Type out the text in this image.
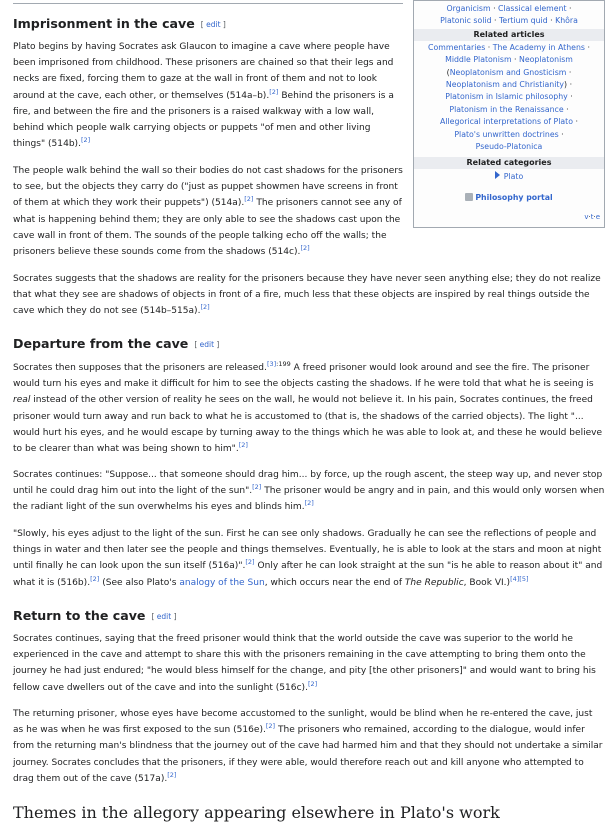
Organicism · Classical element ·
Platonic solid · Tertium quid · Khôra
Related articles
Commentaries · The Academy in Athens ·
Middle Platonism · Neoplatonism
(Neoplatonism and Gnosticism ·
Neoplatonism and Christianity) ·
Platonism in Islamic philosophy ·
Platonism in the Renaissance ·
Allegorical interpretations of Plato ·
Plato's unwritten doctrines ·
Pseudo-Platonica
Related categories
Plato
Philosophy portal
v·t·e
Imprisonment in the cave [ edit ]

Plato begins by having Socrates ask Glaucon to imagine a cave where people have been imprisoned from childhood. These prisoners are chained so that their legs and necks are fixed, forcing them to gaze at the wall in front of them and not to look around at the cave, each other, or themselves (514a–b).[2] Behind the prisoners is a fire, and between the fire and the prisoners is a raised walkway with a low wall, behind which people walk carrying objects or puppets "of men and other living things" (514b).[2]

The people walk behind the wall so their bodies do not cast shadows for the prisoners to see, but the objects they carry do ("just as puppet showmen have screens in front of them at which they work their puppets") (514a).[2] The prisoners cannot see any of what is happening behind them; they are only able to see the shadows cast upon the cave wall in front of them. The sounds of the people talking echo off the walls; the prisoners believe these sounds come from the shadows (514c).[2]

Socrates suggests that the shadows are reality for the prisoners because they have never seen anything else; they do not realize that what they see are shadows of objects in front of a fire, much less that these objects are inspired by real things outside the cave which they do not see (514b–515a).[2]

Departure from the cave [ edit ]

Socrates then supposes that the prisoners are released.$^{[3]:199}$ A freed prisoner would look around and see the fire. The prisoner would turn his eyes and make it difficult for him to see the objects casting the shadows. If he were told that what he is seeing is real instead of the other version of reality he sees on the wall, he would not believe it. In his pain, Socrates continues, the freed prisoner would turn away and run back to what he is accustomed to (that is, the shadows of the carried objects). The light "... would hurt his eyes, and he would escape by turning away to the things which he was able to look at, and these he would believe to be clearer than what was being shown to him".[2]

Socrates continues: "Suppose... that someone should drag him... by force, up the rough ascent, the steep way up, and never stop until he could drag him out into the light of the sun".[2] The prisoner would be angry and in pain, and this would only worsen when the radiant light of the sun overwhelms his eyes and blinds him.[2]

"Slowly, his eyes adjust to the light of the sun. First he can see only shadows. Gradually he can see the reflections of people and things in water and then later see the people and things themselves. Eventually, he is able to look at the stars and moon at night until finally he can look upon the sun itself (516a)".[2] Only after he can look straight at the sun "is he able to reason about it" and what it is (516b).[2] (See also Plato's analogy of the Sun, which occurs near the end of The Republic, Book VI.)[4][5]

Return to the cave [ edit ]

Socrates continues, saying that the freed prisoner would think that the world outside the cave was superior to the world he experienced in the cave and attempt to share this with the prisoners remaining in the cave attempting to bring them onto the journey he had just endured; "he would bless himself for the change, and pity [the other prisoners]" and would want to bring his fellow cave dwellers out of the cave and into the sunlight (516c).[2]

The returning prisoner, whose eyes have become accustomed to the sunlight, would be blind when he re-entered the cave, just as he was when he was first exposed to the sun (516e).[2] The prisoners who remained, according to the dialogue, would infer from the returning man's blindness that the journey out of the cave had harmed him and that they should not undertake a similar journey. Socrates concludes that the prisoners, if they were able, would therefore reach out and kill anyone who attempted to drag them out of the cave (517a).[2]

Themes in the allegory appearing elsewhere in Plato's work
